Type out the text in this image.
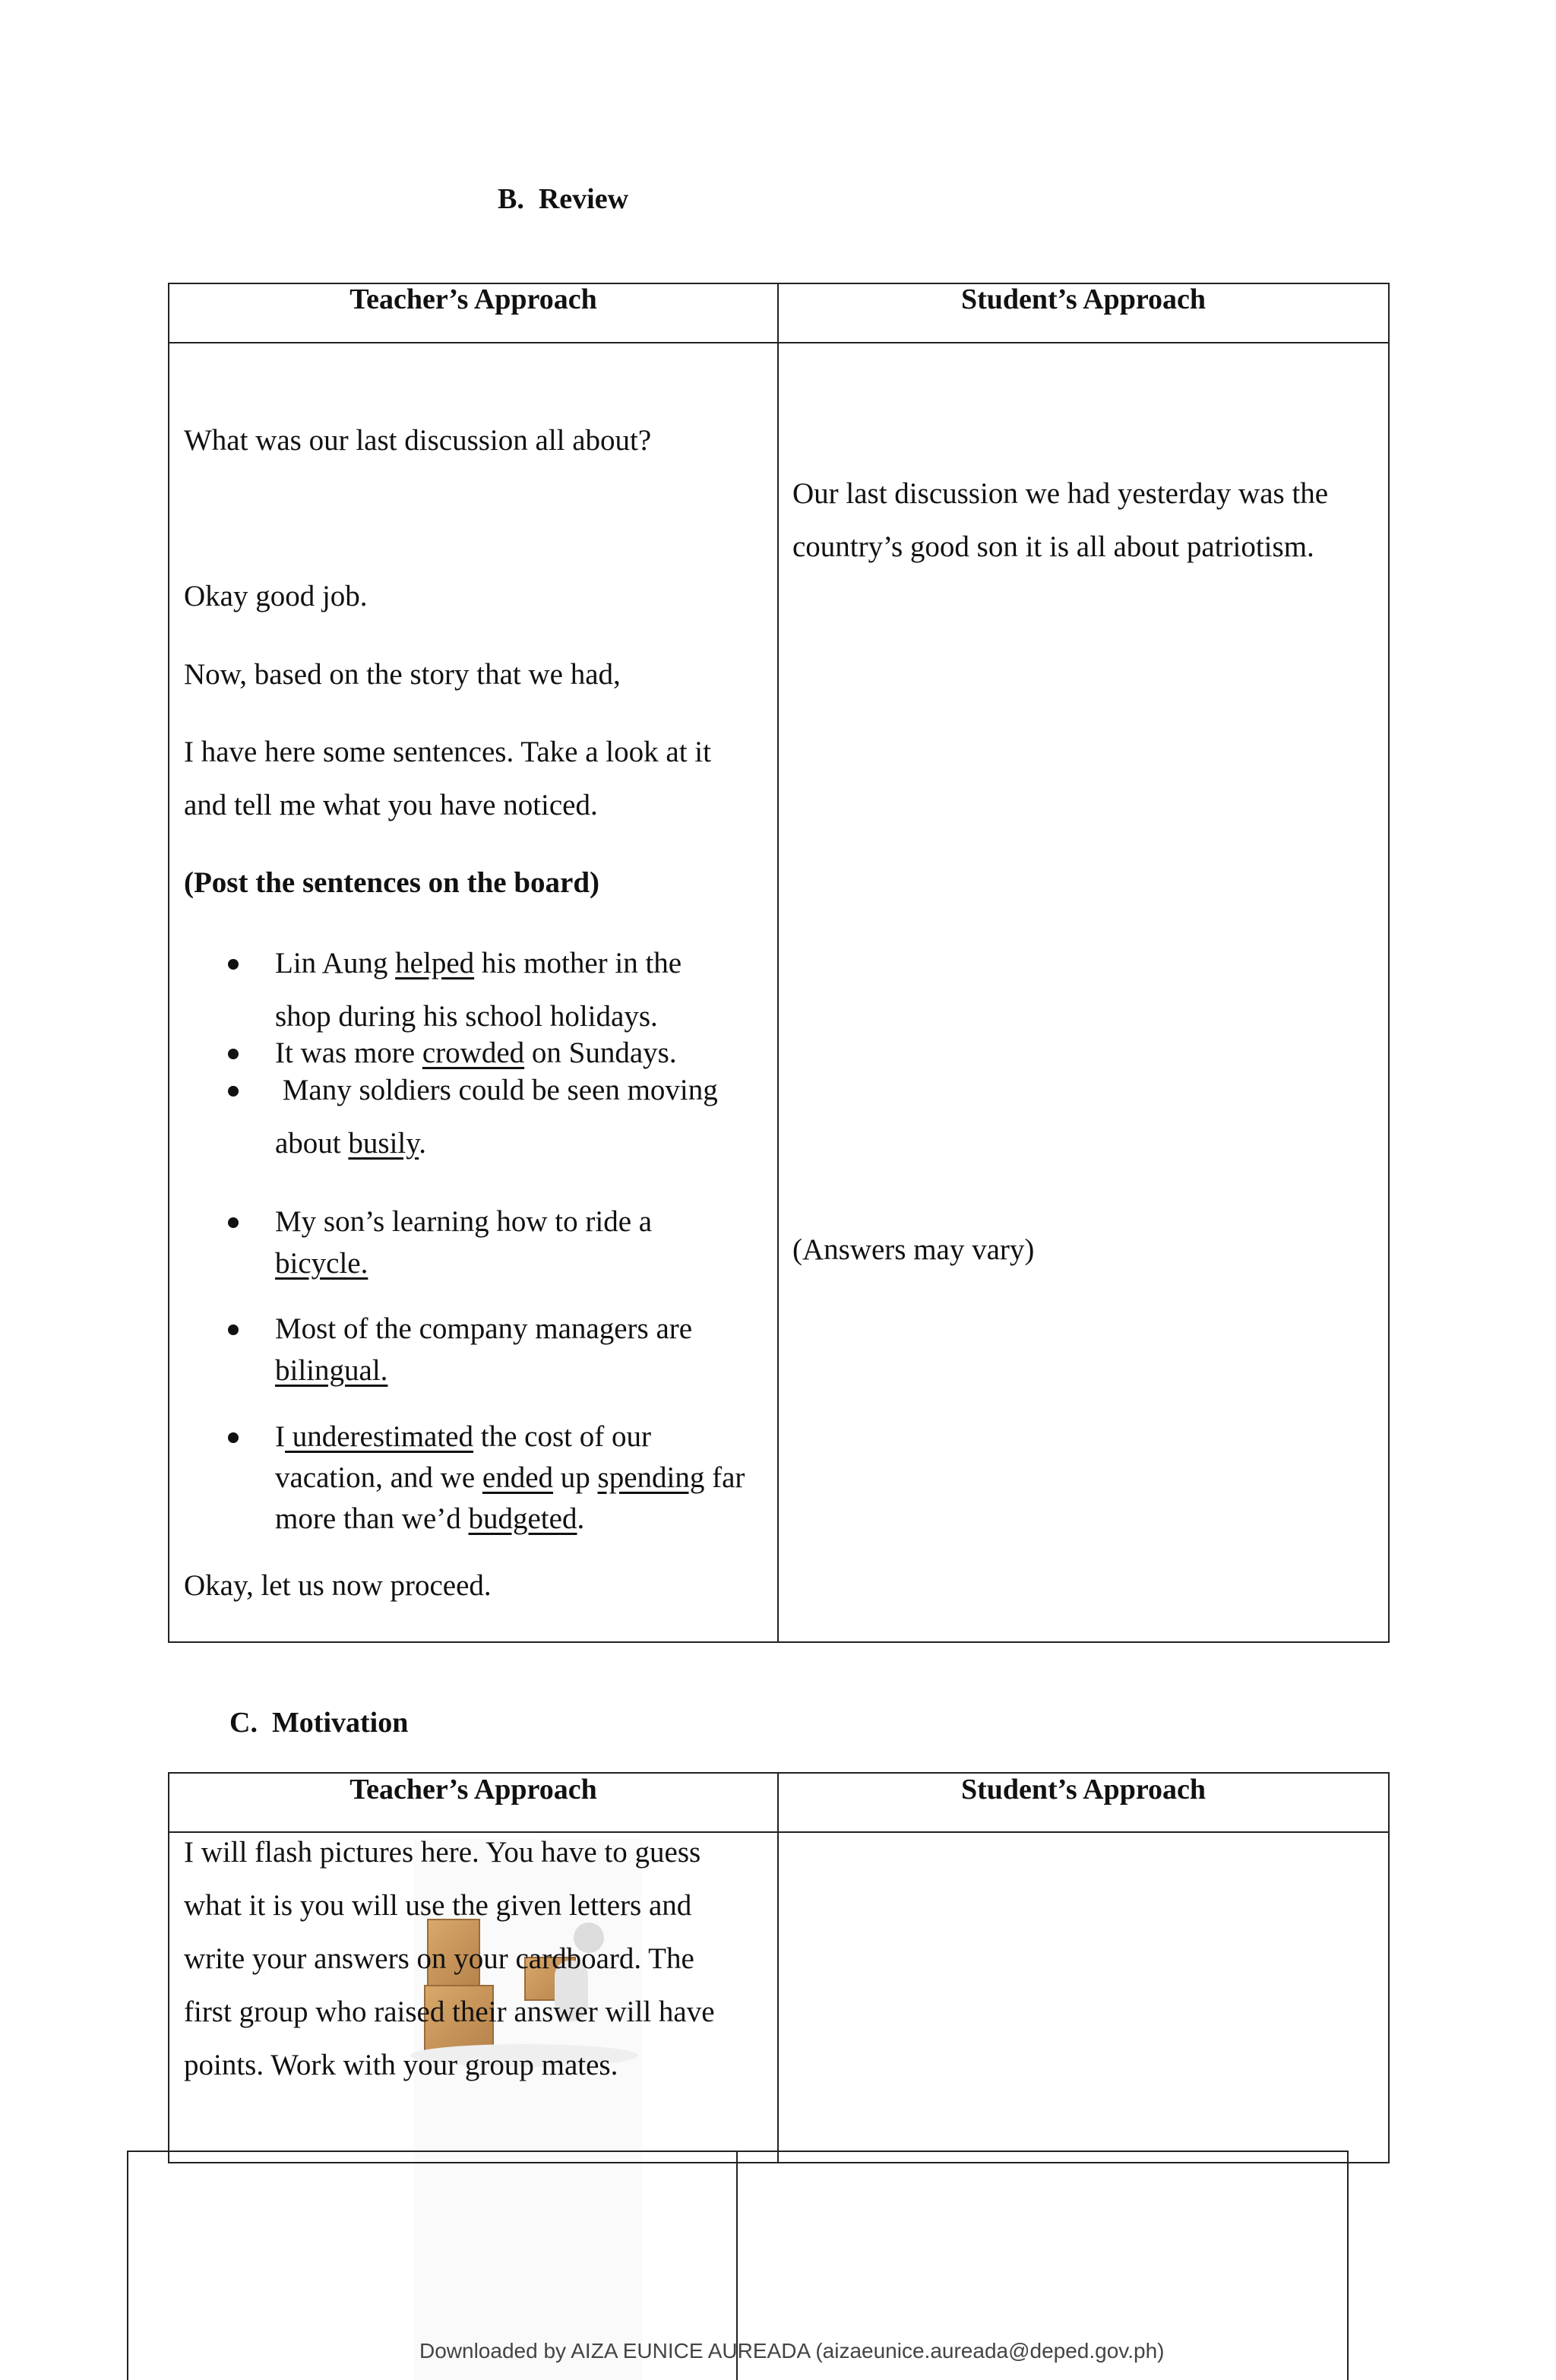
B.  Review
Teacher’s Approach	Student’s Approach
What was our last discussion all about?
Okay good job.
Now, based on the story that we had,
I have here some sentences. Take a look at it
and tell me what you have noticed.
(Post the sentences on the board)
Lin Aung helped his mother in the
shop during his school holidays.
It was more crowded on Sundays.
Many soldiers could be seen moving
about busily.
My son’s learning how to ride a
bicycle.
Most of the company managers are
bilingual.
I underestimated the cost of our
vacation, and we ended up spending far
more than we’d budgeted.
Okay, let us now proceed.
Our last discussion we had yesterday was the
country’s good son it is all about patriotism.
(Answers may vary)
C.  Motivation
Teacher’s Approach	Student’s Approach
I will flash pictures here. You have to guess
what it is you will use the given letters and
write your answers on your cardboard. The
first group who raised their answer will have
points. Work with your group mates.
Downloaded by AIZA EUNICE AUREADA (aizaeunice.aureada@deped.gov.ph)
